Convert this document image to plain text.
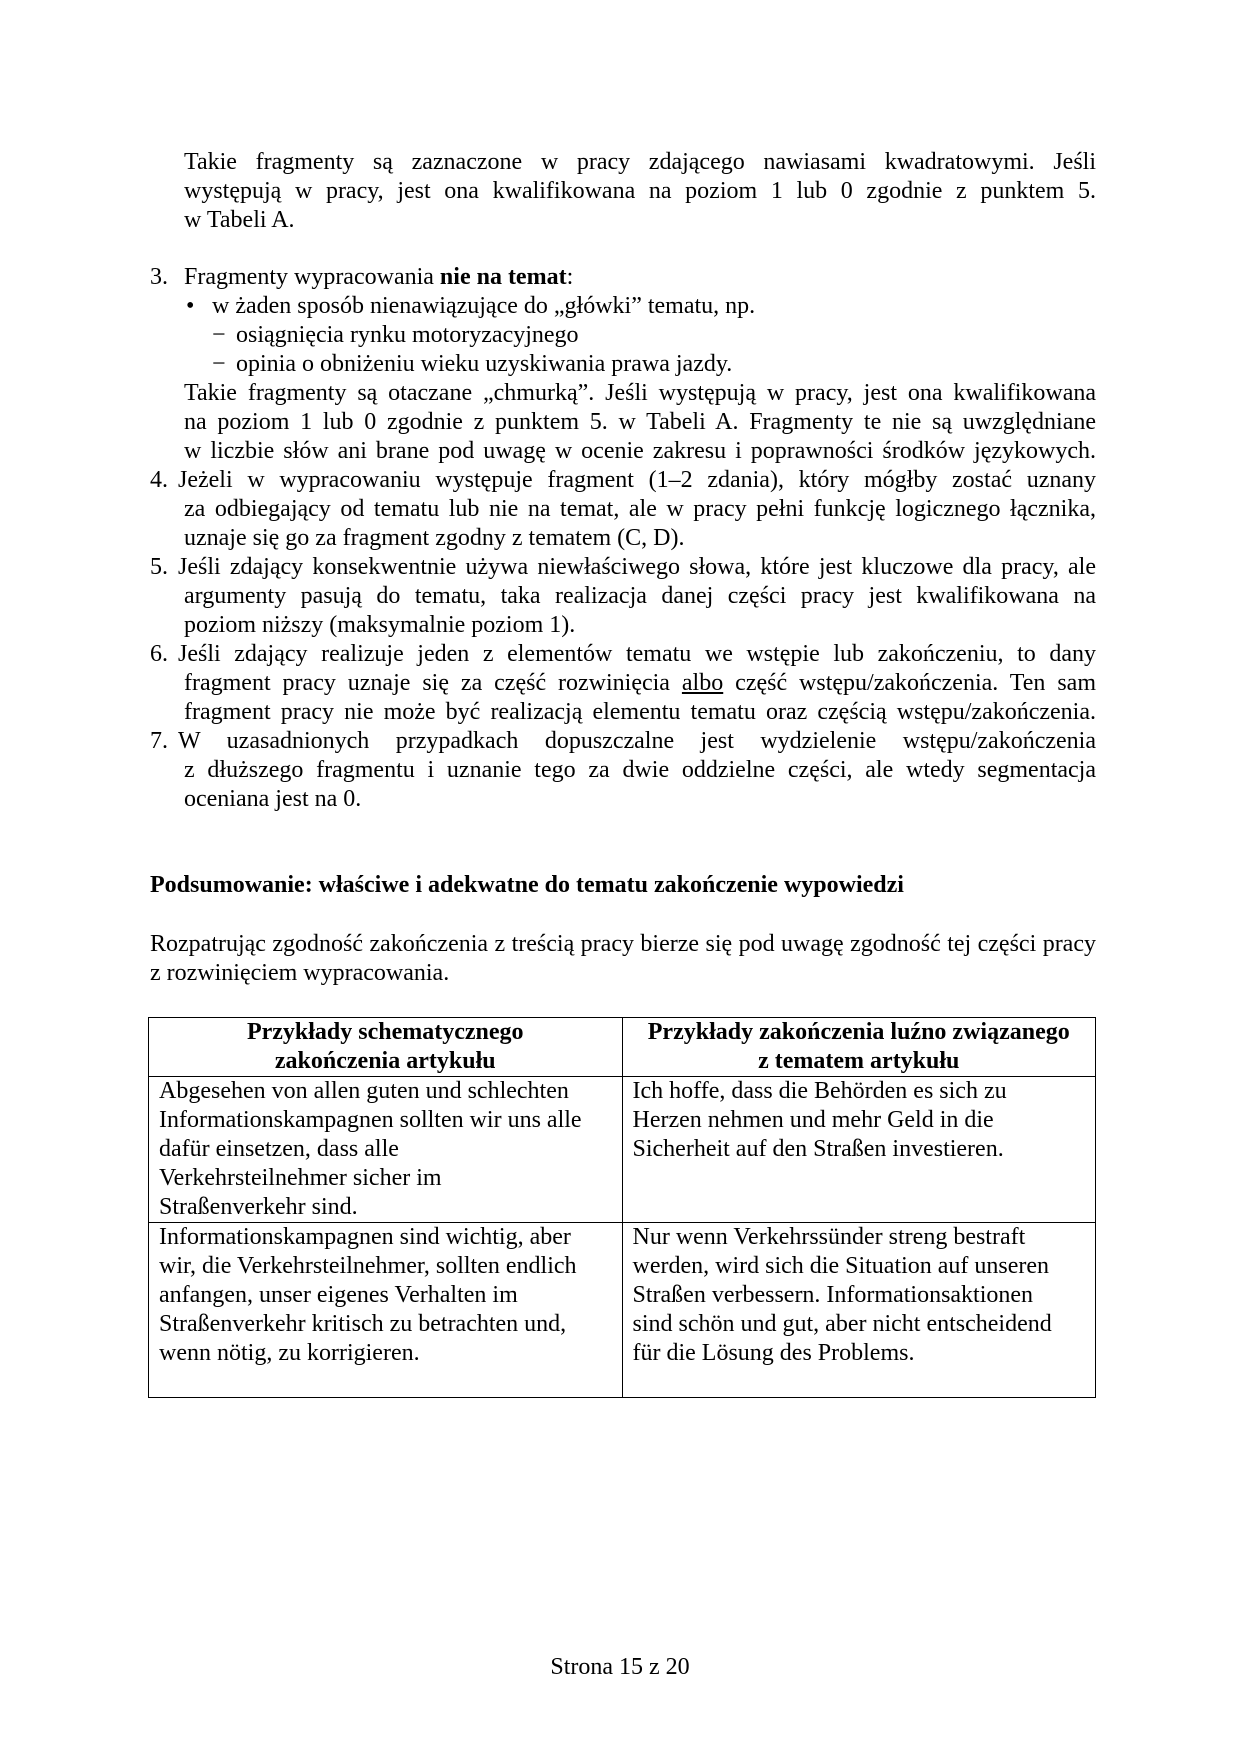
Takie fragmenty są zaznaczone w pracy zdającego nawiasami kwadratowymi. Jeśli
występują w pracy, jest ona kwalifikowana na poziom 1 lub 0 zgodnie z punktem 5.
w Tabeli A.
3. Fragmenty wypracowania nie na temat:
• w żaden sposób nienawiązujące do „główki” tematu, np.
− osiągnięcia rynku motoryzacyjnego
− opinia o obniżeniu wieku uzyskiwania prawa jazdy.
Takie fragmenty są otaczane „chmurką”. Jeśli występują w pracy, jest ona kwalifikowana
na poziom 1 lub 0 zgodnie z punktem 5. w Tabeli A. Fragmenty te nie są uwzględniane
w liczbie słów ani brane pod uwagę w ocenie zakresu i poprawności środków językowych.
4. Jeżeli w wypracowaniu występuje fragment (1–2 zdania), który mógłby zostać uznany
za odbiegający od tematu lub nie na temat, ale w pracy pełni funkcję logicznego łącznika,
uznaje się go za fragment zgodny z tematem (C, D).
5. Jeśli zdający konsekwentnie używa niewłaściwego słowa, które jest kluczowe dla pracy, ale
argumenty pasują do tematu, taka realizacja danej części pracy jest kwalifikowana na
poziom niższy (maksymalnie poziom 1).
6. Jeśli zdający realizuje jeden z elementów tematu we wstępie lub zakończeniu, to dany
fragment pracy uznaje się za część rozwinięcia albo część wstępu/zakończenia. Ten sam
fragment pracy nie może być realizacją elementu tematu oraz częścią wstępu/zakończenia.
7. W uzasadnionych przypadkach dopuszczalne jest wydzielenie wstępu/zakończenia
z dłuższego fragmentu i uznanie tego za dwie oddzielne części, ale wtedy segmentacja
oceniana jest na 0.
Podsumowanie: właściwe i adekwatne do tematu zakończenie wypowiedzi
Rozpatrując zgodność zakończenia z treścią pracy bierze się pod uwagę zgodność tej części pracy z rozwinięciem wypracowania.
Przykłady schematycznego
zakończenia artykułu	Przykłady zakończenia luźno związanego
z tematem artykułu

Abgesehen von allen guten und schlechten
Informationskampagnen sollten wir uns alle
dafür einsetzen, dass alle
Verkehrsteilnehmer sicher im
Straßenverkehr sind.	Ich hoffe, dass die Behörden es sich zu
Herzen nehmen und mehr Geld in die
Sicherheit auf den Straßen investieren.

Informationskampagnen sind wichtig, aber
wir, die Verkehrsteilnehmer, sollten endlich
anfangen, unser eigenes Verhalten im
Straßenverkehr kritisch zu betrachten und,
wenn nötig, zu korrigieren.	Nur wenn Verkehrssünder streng bestraft
werden, wird sich die Situation auf unseren
Straßen verbessern. Informationsaktionen
sind schön und gut, aber nicht entscheidend
für die Lösung des Problems.
Strona 15 z 20
